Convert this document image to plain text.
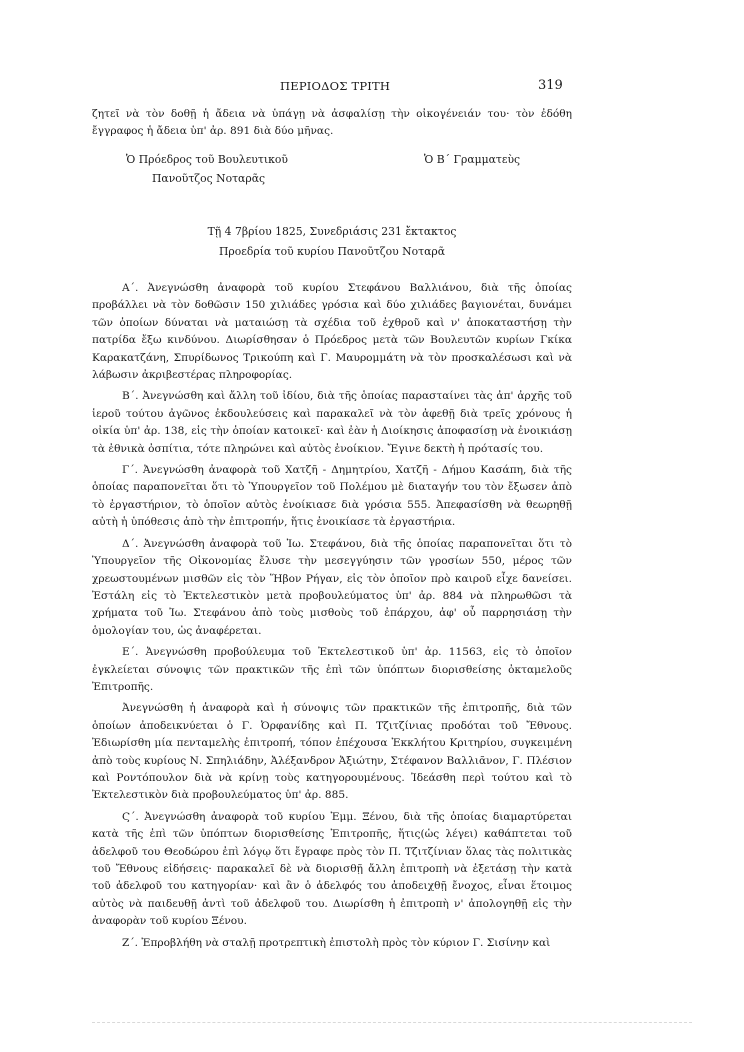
ΠΕΡΙΟΔΟΣ ΤΡΙΤΗ	319

ζητεῖ νὰ τὸν δοθῇ ἡ ἄδεια νὰ ὑπάγῃ νὰ ἀσφαλίσῃ τὴν οἰκογένειάν του· τὸν ἐδόθη ἔγγραφος ἡ ἄδεια ὑπ' ἀρ. 891 διὰ δύο μῆνας.

Ὁ Πρόεδρος τοῦ Βουλευτικοῦ
Πανοῦτζος Νοταρᾶς
Ὁ Β΄ Γραμματεὺς
Τῇ 4 7βρίου 1825, Συνεδριάσις 231 ἔκτακτος
Προεδρία τοῦ κυρίου Πανοῦτζου Νοταρᾶ

Α΄. Ἀνεγνώσθη ἀναφορὰ τοῦ κυρίου Στεφάνου Βαλλιάνου, διὰ τῆς ὁποίας προβάλλει νὰ τὸν δοθῶσιν 150 χιλιάδες γρόσια καὶ δύο χιλιάδες βαγιονέται, δυνάμει τῶν ὁποίων δύναται νὰ ματαιώσῃ τὰ σχέδια τοῦ ἐχθροῦ καὶ ν' ἀποκαταστήσῃ τὴν πατρίδα ἔξω κινδύνου. Διωρίσθησαν ὁ Πρόεδρος μετὰ τῶν Βουλευτῶν κυρίων Γκίκα Καρακατζάνη, Σπυρίδωνος Τρικούπη καὶ Γ. Μαυρομμάτη νὰ τὸν προσκαλέσωσι καὶ νὰ λάβωσιν ἀκριβεστέρας πληροφορίας.

Β΄. Ἀνεγνώσθη καὶ ἄλλη τοῦ ἰδίου, διὰ τῆς ὁποίας παρασταίνει τὰς ἀπ' ἀρχῆς τοῦ ἱεροῦ τούτου ἀγῶνος ἐκδουλεύσεις καὶ παρακαλεῖ νὰ τὸν ἀφεθῇ διὰ τρεῖς χρόνους ἡ οἰκία ὑπ' ἀρ. 138, εἰς τὴν ὁποίαν κατοικεῖ· καὶ ἐὰν ἡ Διοίκησις ἀποφασίσῃ νὰ ἐνοικιάσῃ τὰ ἐθνικὰ ὀσπίτια, τότε πληρώνει καὶ αὐτὸς ἐνοίκιον. Ἔγινε δεκτὴ ἡ πρότασίς του.

Γ΄. Ἀνεγνώσθη ἀναφορὰ τοῦ Χατζῆ - Δημητρίου, Χατζῆ - Δήμου Κασάπη, διὰ τῆς ὁποίας παραπονεῖται ὅτι τὸ Ὑπουργεῖον τοῦ Πολέμου μὲ διαταγήν του τὸν ἔξωσεν ἀπὸ τὸ ἐργαστήριον, τὸ ὁποῖον αὐτὸς ἐνοίκιασε διὰ γρόσια 555. Ἀπεφασίσθη νὰ θεωρηθῇ αὐτὴ ἡ ὑπόθεσις ἀπὸ τὴν ἐπιτροπήν, ἥτις ἐνοικίασε τὰ ἐργαστήρια.

Δ΄. Ἀνεγνώσθη ἀναφορὰ τοῦ Ἰω. Στεφάνου, διὰ τῆς ὁποίας παραπονεῖται ὅτι τὸ Ὑπουργεῖον τῆς Οἰκονομίας ἔλυσε τὴν μεσεγγύησιν τῶν γροσίων 550, μέρος τῶν χρεωστουμένων μισθῶν εἰς τὸν Ἥβον Ρήγαν, εἰς τὸν ὁποῖον πρὸ καιροῦ εἶχε δανείσει. Ἐστάλη εἰς τὸ Ἐκτελεστικὸν μετὰ προβουλεύματος ὑπ' ἀρ. 884 νὰ πληρωθῶσι τὰ χρήματα τοῦ Ἰω. Στεφάνου ἀπὸ τοὺς μισθοὺς τοῦ ἐπάρχου, ἀφ' οὗ παρρησιάσῃ τὴν ὁμολογίαν του, ὡς ἀναφέρεται.

Ε΄. Ἀνεγνώσθη προβούλευμα τοῦ Ἐκτελεστικοῦ ὑπ' ἀρ. 11563, εἰς τὸ ὁποῖον ἐγκλείεται σύνοψις τῶν πρακτικῶν τῆς ἐπὶ τῶν ὑπόπτων διορισθείσης ὀκταμελοῦς Ἐπιτροπῆς.

Ἀνεγνώσθη ἡ ἀναφορὰ καὶ ἡ σύνοψις τῶν πρακτικῶν τῆς ἐπιτροπῆς, διὰ τῶν ὁποίων ἀποδεικνύεται ὁ Γ. Ὀρφανίδης καὶ Π. Τζιτζίνιας προδόται τοῦ Ἔθνους. Ἐδιωρίσθη μία πενταμελὴς ἐπιτροπή, τόπον ἐπέχουσα Ἐκκλήτου Κριτηρίου, συγκειμένη ἀπὸ τοὺς κυρίους Ν. Σπηλιάδην, Ἀλέξανδρον Ἀξιώτην, Στέφανον Βαλλιᾶνον, Γ. Πλέσιον καὶ Ροντόπουλον διὰ νὰ κρίνῃ τοὺς κατηγορουμένους. Ἰδεάσθη περὶ τούτου καὶ τὸ Ἐκτελεστικὸν διὰ προβουλεύματος ὑπ' ἀρ. 885.

Ϛ΄. Ἀνεγνώσθη ἀναφορὰ τοῦ κυρίου Ἐμμ. Ξένου, διὰ τῆς ὁποίας διαμαρτύρεται κατὰ τῆς ἐπὶ τῶν ὑπόπτων διορισθείσης Ἐπιτροπῆς, ἥτις(ὡς λέγει) καθάπτεται τοῦ ἀδελφοῦ του Θεοδώρου ἐπὶ λόγῳ ὅτι ἔγραφε πρὸς τὸν Π. Τζιτζίνιαν ὅλας τὰς πολιτικὰς τοῦ Ἔθνους εἰδήσεις· παρακαλεῖ δὲ νὰ διορισθῇ ἄλλη ἐπιτροπὴ νὰ ἐξετάσῃ τὴν κατὰ τοῦ ἀδελφοῦ του κατηγορίαν· καὶ ἂν ὁ ἀδελφός του ἀποδειχθῇ ἔνοχος, εἶναι ἕτοιμος αὐτὸς νὰ παιδευθῇ ἀντὶ τοῦ ἀδελφοῦ του. Διωρίσθη ἡ ἐπιτροπὴ ν' ἀπολογηθῇ εἰς τὴν ἀναφορὰν τοῦ κυρίου Ξένου.

Ζ΄. Ἐπροβλήθη νὰ σταλῇ προτρεπτικὴ ἐπιστολὴ πρὸς τὸν κύριον Γ. Σισίνην καὶ
